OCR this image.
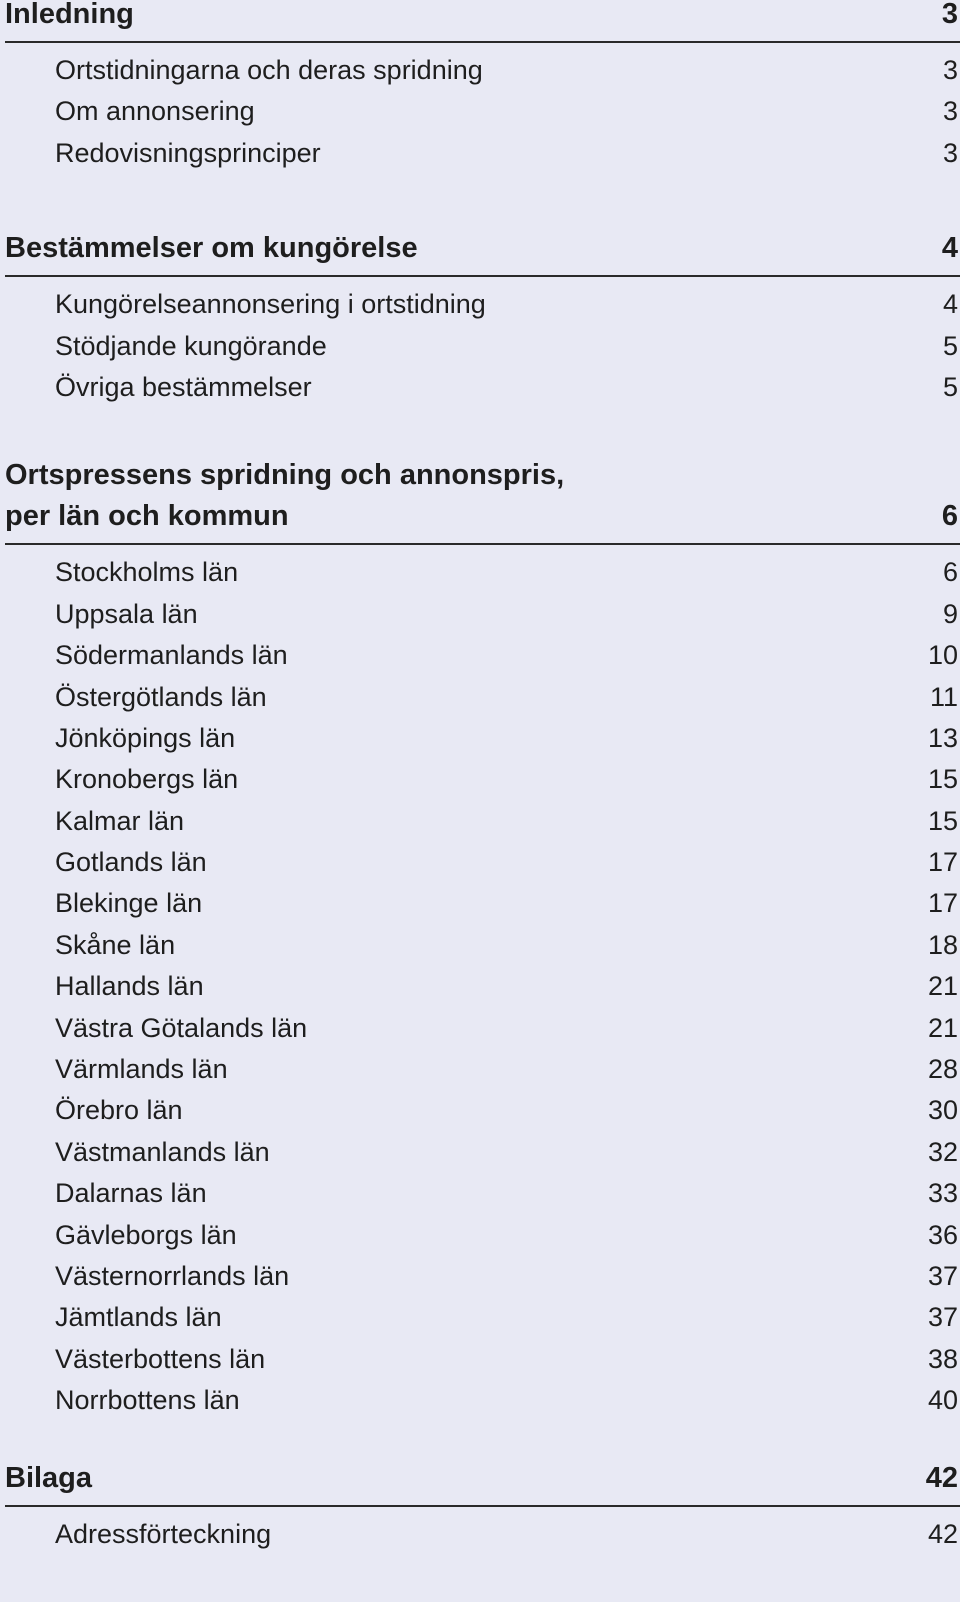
Inledning	3
Ortstidningarna och deras spridning	3
Om annonsering	3
Redovisningsprinciper	3
Bestämmelser om kungörelse	4
Kungörelseannonsering i ortstidning	4
Stödjande kungörande	5
Övriga bestämmelser	5
Ortspressens spridning och annonspris,
per län och kommun	6
Stockholms län	6
Uppsala län	9
Södermanlands län	10
Östergötlands län	11
Jönköpings län	13
Kronobergs län	15
Kalmar län	15
Gotlands län	17
Blekinge län	17
Skåne län	18
Hallands län	21
Västra Götalands län	21
Värmlands län	28
Örebro län	30
Västmanlands län	32
Dalarnas län	33
Gävleborgs län	36
Västernorrlands län	37
Jämtlands län	37
Västerbottens län	38
Norrbottens län	40
Bilaga	42
Adressförteckning	42
